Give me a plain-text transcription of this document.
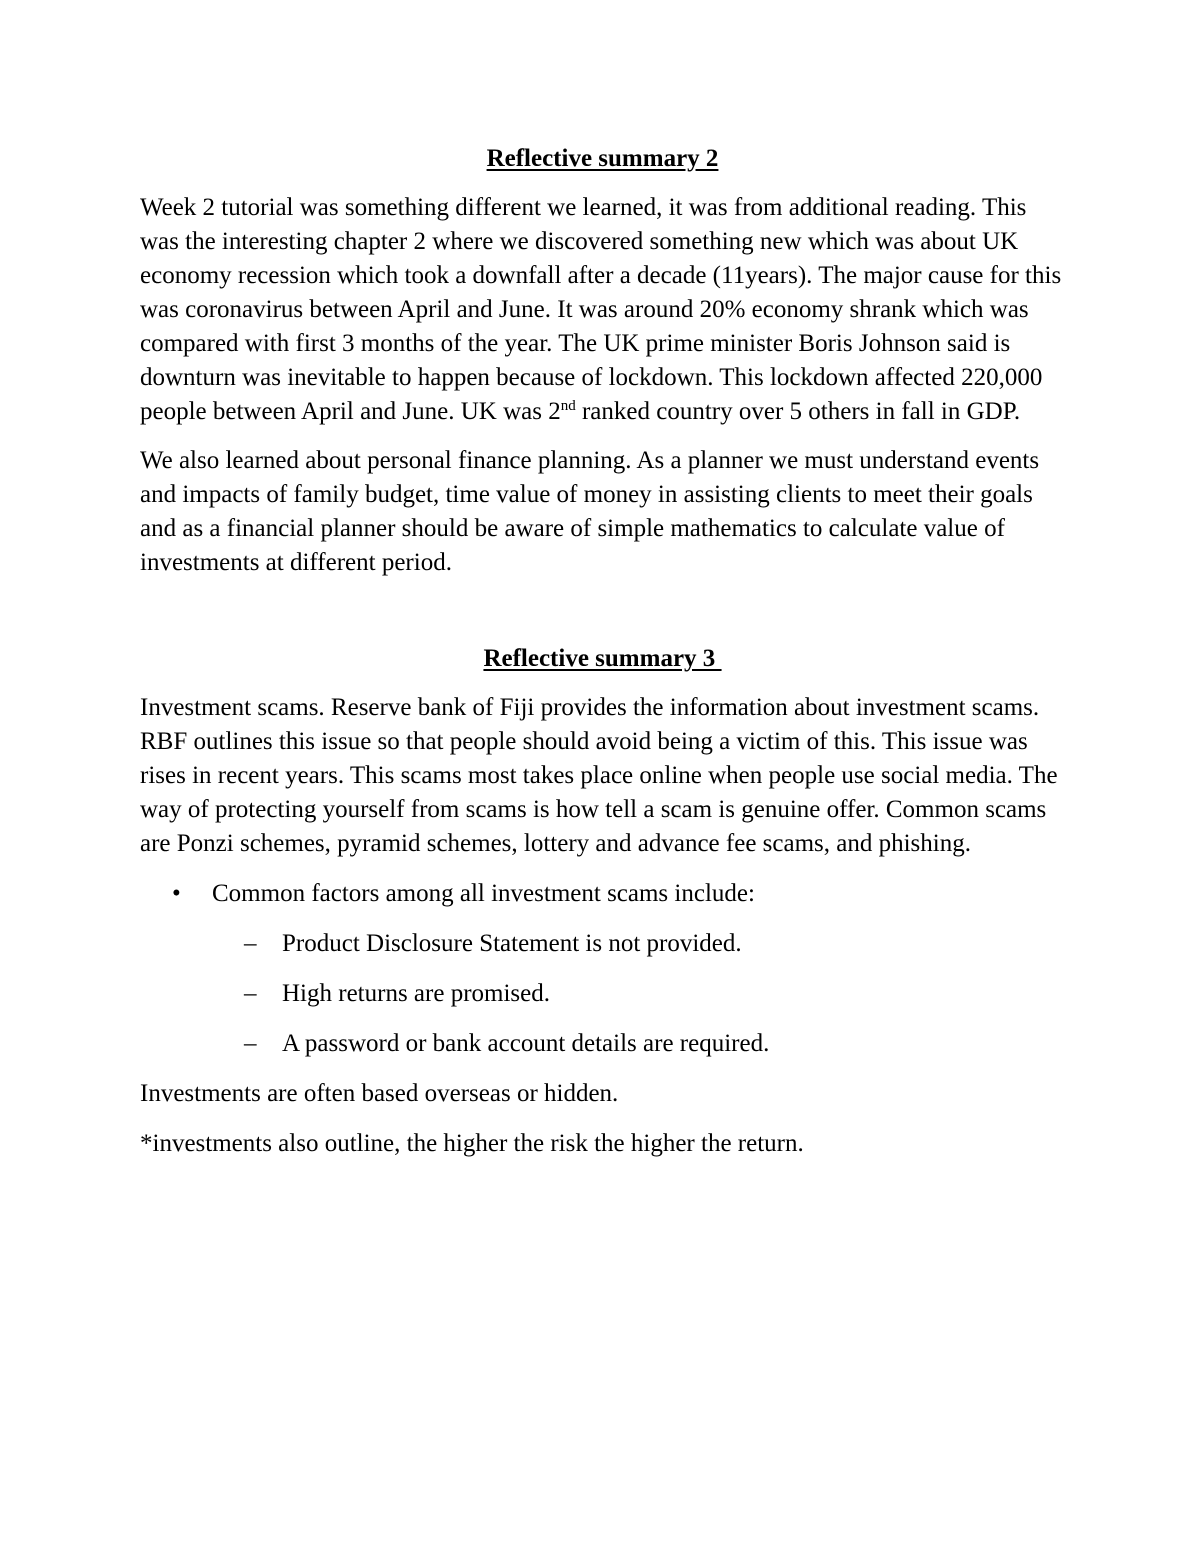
Reflective summary 2

Week 2 tutorial was something different we learned, it was from additional reading. This was the interesting chapter 2 where we discovered something new which was about UK economy recession which took a downfall after a decade (11years). The major cause for this was coronavirus between April and June. It was around 20% economy shrank which was compared with first 3 months of the year. The UK prime minister Boris Johnson said is downturn was inevitable to happen because of lockdown. This lockdown affected 220,000 people between April and June. UK was 2nd ranked country over 5 others in fall in GDP.

We also learned about personal finance planning. As a planner we must understand events and impacts of family budget, time value of money in assisting clients to meet their goals and as a financial planner should be aware of simple mathematics to calculate value of investments at different period.

Reflective summary 3

Investment scams. Reserve bank of Fiji provides the information about investment scams. RBF outlines this issue so that people should avoid being a victim of this. This issue was rises in recent years. This scams most takes place online when people use social media. The way of protecting yourself from scams is how tell a scam is genuine offer. Common scams are Ponzi schemes, pyramid schemes, lottery and advance fee scams, and phishing.

• Common factors among all investment scams include:
– Product Disclosure Statement is not provided.
– High returns are promised.
– A password or bank account details are required.

Investments are often based overseas or hidden.

*investments also outline, the higher the risk the higher the return.
